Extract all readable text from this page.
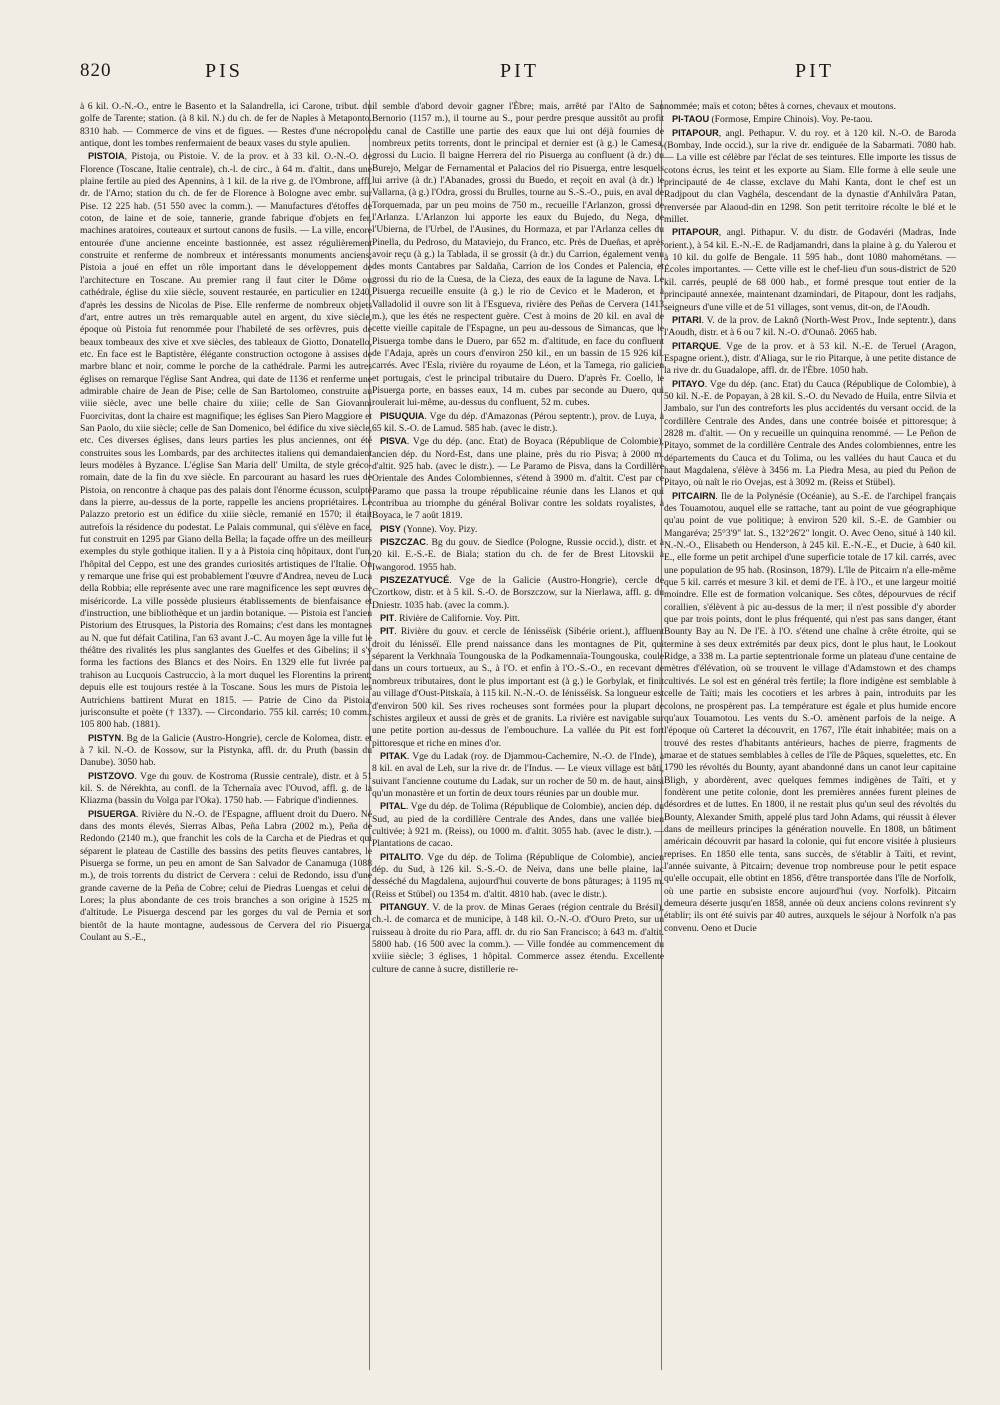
820	PIS	PIT	PIT

à 6 kil. O.-N.-O., entre le Basento et la Salandrella, ici Carone, tribut. du golfe de Tarente; station. (à 8 kil. N.) du ch. de fer de Naples à Metaponto. 8310 hab. — Commerce de vins et de figues. — Restes d'une nécropole antique, dont les tombes renfermaient de beaux vases du style apulien.

PISTOIA, Pistoja, ou Pistoie. V. de la prov. et à 33 kil. O.-N.-O. de Florence (Toscane, Italie centrale), ch.-l. de circ., à 64 m. d'altit., dans une plaine fertile au pied des Apennins, à 1 kil. de la rive g. de l'Ombrone, affl. dr. de l'Arno; station du ch. de fer de Florence à Bologne avec embr. sur Pise. 12 225 hab. (51 550 avec la comm.). — Manufactures d'étoffes de coton, de laine et de soie, tannerie, grande fabrique d'objets en fer, machines aratoires, couteaux et surtout canons de fusils. — La ville, encore entourée d'une ancienne enceinte bastionnée, est assez régulièrement construite et renferme de nombreux et intéressants monuments anciens; Pistoia a joué en effet un rôle important dans le développement de l'architecture en Toscane. Au premier rang il faut citer le Dôme ou cathédrale, église du xiie siècle, souvent restaurée, en particulier en 1240, d'après les dessins de Nicolas de Pise. Elle renferme de nombreux objets d'art, entre autres un très remarquable autel en argent, du xive siècle, époque où Pistoia fut renommée pour l'habileté de ses orfèvres, puis de beaux tombeaux des xive et xve siècles, des tableaux de Giotto, Donatello, etc. En face est le Baptistère, élégante construction octogone à assises de marbre blanc et noir, comme le porche de la cathédrale. Parmi les autres églises on remarque l'église Sant Andrea, qui date de 1136 et renferme une admirable chaire de Jean de Pise; celle de San Bartolomeo, construite au viiie siècle, avec une belle chaire du xiiie; celle de San Giovanni Fuorcivitas, dont la chaire est magnifique; les églises San Piero Maggiore et San Paolo, du xiie siècle; celle de San Domenico, bel édifice du xive siècle, etc. Ces diverses églises, dans leurs parties les plus anciennes, ont été construites sous les Lombards, par des architectes italiens qui demandaient leurs modèles à Byzance. L'église San Maria dell' Umilta, de style gréco-romain, date de la fin du xve siècle. En parcourant au hasard les rues de Pistoia, on rencontre à chaque pas des palais dont l'énorme écusson, sculpté dans la pierre, au-dessus de la porte, rappelle les anciens propriétaires. Le Palazzo pretorio est un édifice du xiiie siècle, remanié en 1570; il était autrefois la résidence du podestat. Le Palais communal, qui s'élève en face, fut construit en 1295 par Giano della Bella; la façade offre un des meilleurs exemples du style gothique italien. Il y a à Pistoia cinq hôpitaux, dont l'un, l'hôpital del Ceppo, est une des grandes curiosités artistiques de l'Italie. On y remarque une frise qui est probablement l'œuvre d'Andrea, neveu de Luca della Robbia; elle représente avec une rare magnificence les sept œuvres de miséricorde. La ville possède plusieurs établissements de bienfaisance et d'instruction, une bibliothèque et un jardin botanique. — Pistoia est l'ancien Pistorium des Etrusques, la Pistoria des Romains; c'est dans les montagnes au N. que fut défait Catilina, l'an 63 avant J.-C. Au moyen âge la ville fut le théâtre des rivalités les plus sanglantes des Guelfes et des Gibelins; il s'y forma les factions des Blancs et des Noirs. En 1329 elle fut livrée par trahison au Lucquois Castruccio, à la mort duquel les Florentins la prirent; depuis elle est toujours restée à la Toscane. Sous les murs de Pistoia les Autrichiens battirent Murat en 1815. — Patrie de Cino da Pistoia, jurisconsulte et poète († 1337). — Circondario. 755 kil. carrés; 10 comm.; 105 800 hab. (1881).

PISTYN. Bg de la Galicie (Austro-Hongrie), cercle de Kolomea, distr. et à 7 kil. N.-O. de Kossow, sur la Pistynka, affl. dr. du Pruth (bassin du Danube). 3050 hab.

PISTZOVO. Vge du gouv. de Kostroma (Russie centrale), distr. et à 51 kil. S. de Nérekhta, au confl. de la Tchernaïa avec l'Ouvod, affl. g. de la Kliazma (bassin du Volga par l'Oka). 1750 hab. — Fabrique d'indiennes.

PISUERGA. Rivière du N.-O. de l'Espagne, affluent droit du Duero. Né dans des monts élevés, Sierras Albas, Peña Labra (2002 m.), Peña de Redondo (2140 m.), que franchit les cols de la Carcha et de Piedras et qui séparent le plateau de Castille des bassins des petits fleuves cantabres, le Pisuerga se forme, un peu en amont de San Salvador de Canamuga (1088 m.), de trois torrents du district de Cervera : celui de Redondo, issu d'une grande caverne de la Peña de Cobre; celui de Piedras Luengas et celui de Lores; la plus abondante de ces trois branches a son origine à 1525 m. d'altitude. Le Pisuerga descend par les gorges du val de Pernia et sort bientôt de la haute montagne, audessous de Cervera del rio Pisuerga. Coulant au S.-E.,

il semble d'abord devoir gagner l'Èbre; mais, arrêté par l'Alto de San Bernorio (1157 m.), il tourne au S., pour perdre presque aussitôt au profit du canal de Castille une partie des eaux que lui ont déjà fournies de nombreux petits torrents, dont le principal et dernier est (à g.) le Camesa, grossi du Lucio. Il baigne Herrera del rio Pisuerga au confluent (à dr.) du Burejo, Melgar de Fernamental et Palacios del rio Pisuerga, entre lesquels lui arrive (à dr.) l'Abanades, grossi du Buedo, et reçoit en aval (à dr.) le Vallarna, (à g.) l'Odra, grossi du Brulles, tourne au S.-S.-O., puis, en aval de Torquemada, par un peu moins de 750 m., recueille l'Arlanzon, grossi de l'Arlanza. L'Arlanzon lui apporte les eaux du Bujedo, du Nega, de l'Ubierna, de l'Urbel, de l'Ausines, du Hormaza, et par l'Arlanza celles du Pinella, du Pedroso, du Mataviejo, du Franco, etc. Près de Dueñas, et après avoir reçu (à g.) la Tablada, il se grossit (à dr.) du Carrion, également venu des monts Cantabres par Saldaña, Carrion de los Condes et Palencia, et grossi du rio de la Cuesa, de la Cieza, des eaux de la lagune de Nava. Le Pisuerga recueille ensuite (à g.) le rio de Cevico et le Maderon, et à Valladolid il ouvre son lit à l'Esgueva, rivière des Peñas de Cervera (1413 m.), que les étés ne respectent guère. C'est à moins de 20 kil. en aval de cette vieille capitale de l'Espagne, un peu au-dessous de Simancas, que le Pisuerga tombe dans le Duero, par 652 m. d'altitude, en face du confluent de l'Adaja, après un cours d'environ 250 kil., en un bassin de 15 926 kil. carrés. Avec l'Esla, rivière du royaume de Léon, et la Tamega, rio galicien et portugais, c'est le principal tributaire du Duero. D'après Fr. Coello, le Pisuerga porte, en basses eaux, 14 m. cubes par seconde au Duero, qui roulerait lui-même, au-dessus du confluent, 52 m. cubes.

PISUQUIA. Vge du dép. d'Amazonas (Pérou septentr.), prov. de Luya, à 65 kil. S.-O. de Lamud. 585 hab. (avec le distr.).

PISVA. Vge du dép. (anc. Etat) de Boyaca (République de Colombie), ancien dép. du Nord-Est, dans une plaine, près du rio Pisva; à 2000 m. d'altit. 925 hab. (avec le distr.). — Le Paramo de Pisva, dans la Cordillère Orientale des Andes Colombiennes, s'étend à 3900 m. d'altit. C'est par ce Paramo que passa la troupe républicaine réunie dans les Llanos et qui contribua au triomphe du général Bolivar contre les soldats royalistes, à Boyaca, le 7 août 1819.

PISY (Yonne). Voy. Pizy.

PISZCZAC. Bg du gouv. de Siedlce (Pologne, Russie occid.), distr. et à 20 kil. E.-S.-E. de Biala; station du ch. de fer de Brest Litovskii à Iwangorod. 1955 hab.

PISZEZATYUCÉ. Vge de la Galicie (Austro-Hongrie), cercle de Czortkow, distr. et à 5 kil. S.-O. de Borszczow, sur la Nierlawa, affl. g. du Dniestr. 1035 hab. (avec la comm.).

PIT. Rivière de Californie. Voy. Pitt.

PIT. Rivière du gouv. et cercle de Iénisséïsk (Sibérie orient.), affluent droit du Iénisséï. Elle prend naissance dans les montagnes de Pit, qui séparent la Verkhnaïa Toungouska de la Podkamennaïa-Toungouska, coule dans un cours tortueux, au S., à l'O. et enfin à l'O.-S.-O., en recevant de nombreux tributaires, dont le plus important est (à g.) le Gorbylak, et finit au village d'Oust-Pitskaïa, à 115 kil. N.-N.-O. de Iénisséïsk. Sa longueur est d'environ 500 kil. Ses rives rocheuses sont formées pour la plupart de schistes argileux et aussi de grès et de granits. La rivière est navigable sur une petite portion au-dessus de l'embouchure. La vallée du Pit est fort pittoresque et riche en mines d'or.

PITAK. Vge du Ladak (roy. de Djammou-Cachemire, N.-O. de l'Inde), à 8 kil. en aval de Leh, sur la rive dr. de l'Indus. — Le vieux village est bâti, suivant l'ancienne coutume du Ladak, sur un rocher de 50 m. de haut, ainsi qu'un monastère et un fortin de deux tours réunies par un double mur.

PITAL. Vge du dép. de Tolima (République de Colombie), ancien dép. du Sud, au pied de la cordillère Centrale des Andes, dans une vallée bien cultivée; à 921 m. (Reiss), ou 1000 m. d'altit. 3055 hab. (avec le distr.). — Plantations de cacao.

PITALITO. Vge du dép. de Tolima (République de Colombie), ancien dép. du Sud, à 126 kil. S.-S.-O. de Neiva, dans une belle plaine, lac desséché du Magdalena, aujourd'hui couverte de bons pâturages; à 1195 m. (Reiss et Stübel) ou 1354 m. d'altit. 4810 hab. (avec le distr.).

PITANGUY. V. de la prov. de Minas Geraes (région centrale du Brésil), ch.-l. de comarca et de municipe, à 148 kil. O.-N.-O. d'Ouro Preto, sur un ruisseau à droite du rio Para, affl. dr. du rio San Francisco; à 643 m. d'altit. 5800 hab. (16 500 avec la comm.). — Ville fondée au commencement du xviiie siècle; 3 églises, 1 hôpital. Commerce assez étendu. Excellente culture de canne à sucre, distillerie re-

nommée; maïs et coton; bêtes à cornes, chevaux et moutons.

PI-TAOU (Formose, Empire Chinois). Voy. Pe-taou.

PITAPOUR, angl. Pethapur. V. du roy. et à 120 kil. N.-O. de Baroda (Bombay, Inde occid.), sur la rive dr. endiguée de la Sabarmati. 7080 hab. — La ville est célèbre par l'éclat de ses teintures. Elle importe les tissus de cotons écrus, les teint et les exporte au Siam. Elle forme à elle seule une principauté de 4e classe, exclave du Mahi Kanta, dont le chef est un Radjpout du clan Vaghéla, descendant de la dynastie d'Anhilvâra Patan, renversée par Alaoud-din en 1298. Son petit territoire récolte le blé et le millet.

PITAPOUR, angl. Pithapur. V. du distr. de Godavéri (Madras, Inde orient.), à 54 kil. E.-N.-E. de Radjamandri, dans la plaine à g. du Yalerou et à 10 kil. du golfe de Bengale. 11 595 hab., dont 1080 mahométans. — Écoles importantes. — Cette ville est le chef-lieu d'un sous-district de 520 kil. carrés, peuplé de 68 000 hab., et formé presque tout entier de la principauté annexée, maintenant dzamindari, de Pitapour, dont les radjahs, seigneurs d'une ville et de 51 villages, sont venus, dit-on, de l'Aoudh.

PITARI. V. de la prov. de Laknô (North-West Prov., Inde septentr.), dans l'Aoudh, distr. et à 6 ou 7 kil. N.-O. d'Ounaô. 2065 hab.

PITARQUE. Vge de la prov. et à 53 kil. N.-E. de Teruel (Aragon, Espagne orient.), distr. d'Aliaga, sur le rio Pitarque, à une petite distance de la rive dr. du Guadalope, affl. dr. de l'Èbre. 1050 hab.

PITAYO. Vge du dép. (anc. Etat) du Cauca (République de Colombie), à 50 kil. N.-E. de Popayan, à 28 kil. S.-O. du Nevado de Huila, entre Silvia et Jambalo, sur l'un des contreforts les plus accidentés du versant occid. de la cordillère Centrale des Andes, dans une contrée boisée et pittoresque; à 2828 m. d'altit. — On y recueille un quinquina renommé. — Le Peñon de Pitayo, sommet de la cordillère Centrale des Andes colombiennes, entre les départements du Cauca et du Tolima, ou les vallées du haut Cauca et du haut Magdalena, s'élève à 3456 m. La Piedra Mesa, au pied du Peñon de Pitayo, où naît le rio Ovejas, est à 3092 m. (Reiss et Stübel).

PITCAIRN. Ile de la Polynésie (Océanie), au S.-E. de l'archipel français des Touamotou, auquel elle se rattache, tant au point de vue géographique qu'au point de vue politique; à environ 520 kil. S.-E. de Gambier ou Mangaréva; 25°3'9" lat. S., 132°26'2" longit. O. Avec Oeno, situé à 140 kil. N.-N.-O., Elisabeth ou Henderson, à 245 kil. E.-N.-E., et Ducie, à 640 kil. E., elle forme un petit archipel d'une superficie totale de 17 kil. carrés, avec une population de 95 hab. (Rosinson, 1879). L'île de Pitcairn n'a elle-même que 5 kil. carrés et mesure 3 kil. et demi de l'E. à l'O., et une largeur moitié moindre. Elle est de formation volcanique. Ses côtes, dépourvues de récif corallien, s'élèvent à pic au-dessus de la mer; il n'est possible d'y aborder que par trois points, dont le plus fréquenté, qui n'est pas sans danger, étant Bounty Bay au N. De l'E. à l'O. s'étend une chaîne à crête étroite, qui se termine à ses deux extrémités par deux pics, dont le plus haut, le Lookout Ridge, a 338 m. La partie septentrionale forme un plateau d'une centaine de mètres d'élévation, où se trouvent le village d'Adamstown et des champs cultivés. Le sol est en général très fertile; la flore indigène est semblable à celle de Taïti; mais les cocotiers et les arbres à pain, introduits par les colons, ne prospèrent pas. La température est égale et plus humide encore qu'aux Touamotou. Les vents du S.-O. amènent parfois de la neige. A l'époque où Carteret la découvrit, en 1767, l'île était inhabitée; mais on a trouvé des restes d'habitants antérieurs, haches de pierre, fragments de marae et de statues semblables à celles de l'île de Pâques, squelettes, etc. En 1790 les révoltés du Bounty, ayant abandonné dans un canot leur capitaine Bligh, y abordèrent, avec quelques femmes indigènes de Taïti, et y fondèrent une petite colonie, dont les premières années furent pleines de désordres et de luttes. En 1800, il ne restait plus qu'un seul des révoltés du Bounty, Alexander Smith, appelé plus tard John Adams, qui réussit à élever dans de meilleurs principes la génération nouvelle. En 1808, un bâtiment américain découvrit par hasard la colonie, qui fut encore visitée à plusieurs reprises. En 1850 elle tenta, sans succès, de s'établir à Taïti, et revint, l'année suivante, à Pitcairn; devenue trop nombreuse pour le petit espace qu'elle occupait, elle obtint en 1856, d'être transportée dans l'île de Norfolk, où une partie en subsiste encore aujourd'hui (voy. Norfolk). Pitcairn demeura déserte jusqu'en 1858, année où deux anciens colons revinrent s'y établir; ils ont été suivis par 40 autres, auxquels le séjour à Norfolk n'a pas convenu. Oeno et Ducie
